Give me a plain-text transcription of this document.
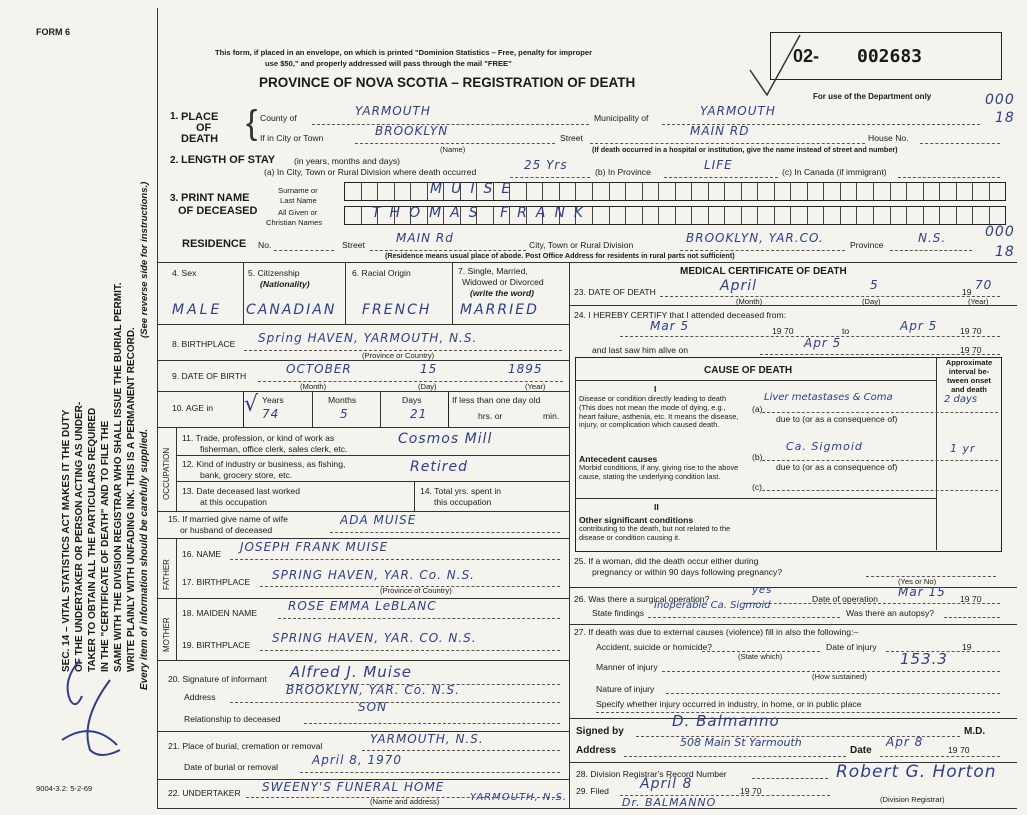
FORM 6
SEC. 14 – VITAL STATISTICS ACT MAKES IT THE DUTY OF THE UNDERTAKER OR PERSON ACTING AS UNDER- TAKER TO OBTAIN ALL THE PARTICULARS REQUIRED IN THE "CERTIFICATE OF DEATH" AND TO FILE THE SAME WITH THE DIVISION REGISTRAR WHO SHALL ISSUE THE BURIAL PERMIT. WRITE PLAINLY WITH UNFADING INK. THIS IS A PERMANENT RECORD. Every item of information should be carefully supplied.
(See reverse side for instructions.)
9004-3.2: 5-2-69
This form, if placed in an envelope, on which is printed "Dominion Statistics – Free, penalty for improper
use $50," and properly addressed will pass through the mail "FREE"
PROVINCE OF NOVA SCOTIA – REGISTRATION OF DEATH
02- 002683
For use of the Department only	000
18
1. PLACE
OF
DEATH { County of	YARMOUTH	Municipality of	YARMOUTH
If in City or Town	BROOKLYN
(Name)
Street	MAIN RD	House No.
(If death occurred in a hospital or institution, give the name instead of street and number)
2. LENGTH OF STAY (in years, months and days)
(a) In City, Town or Rural Division where death occurred	25 Yrs	(b) In Province	LIFE	(c) In Canada (if immigrant)
3. PRINT NAME
OF DECEASED
Surname or
Last Name
MUISE
All Given or
Christian Names
THOMAS FRANK
RESIDENCE No.	Street	MAIN Rd	City, Town or Rural Division	BROOKLYN, YAR.CO.	Province	N.S.	000
18
(Residence means usual place of abode. Post Office Address for residents in rural parts not sufficient)
4. Sex	5. Citizenship
(Nationality)
6. Racial Origin	7. Single, Married,
Widowed or Divorced
(write the word)
MALE CANADIAN FRENCH MARRIED
8. BIRTHPLACE Spring HAVEN, YARMOUTH, N.S.
(Province or Country)
9. DATE OF BIRTH	OCTOBER	15	1895
(Month)	(Day)	(Year)
10. AGE in √ Years
74
Months
5
Days
21
If less than one day old
hrs. or	min.
OCCUPATION
11. Trade, profession, or kind of work as
fisherman, office clerk, sales clerk, etc.
Cosmos Mill
12. Kind of industry or business, as fishing,
bank, grocery store, etc.	Retired
13. Date deceased last worked
at this occupation
14. Total yrs. spent in
this occupation
15. If married give name of wife
or husband of deceased
ADA MUISE
FATHER
16. NAME JOSEPH FRANK MUISE
17. BIRTHPLACE SPRING HAVEN, YAR. Co. N.S.
(Province of Country)
MOTHER
18. MAIDEN NAME	ROSE EMMA LeBLANC
19. BIRTHPLACE SPRING HAVEN, YAR. CO. N.S.
20. Signature of informant Alfred J. Muise
Address	BROOKLYN, YAR. Co. N.S.
SON
Relationship to deceased
21. Place of burial, cremation or removal	YARMOUTH, N.S.
Date of burial or removal	April 8, 1970
22. UNDERTAKER SWEENY'S FUNERAL HOME
YARMOUTH, N.S.
(Name and address)
MEDICAL CERTIFICATE OF DEATH
23. DATE OF DEATH	April	5	19 70
(Month)	(Day)	(Year)
24. I HEREBY CERTIFY that I attended deceased from:
Mar 5	19 70	to	Apr 5	19 70
and last saw him alive on	Apr 5	19 70
CAUSE OF DEATH
Approximate interval be- tween onset and death
I
Disease or condition directly leading to death (This does not mean the mode of dying, e.g., heart failure, asthenia, etc. It means the disease, injury, or complication which caused death.
(a)
Liver metastases & Coma	2 days
due to (or as a consequence of)
Antecedent causes
Morbid conditions, if any, giving rise to the above cause, stating the underlying condition last.
(b)
Ca. Sigmoid	1 yr
due to (or as a consequence of)
(c)
II
Other significant conditions
contributing to the death, but not related to the disease or condition causing it.
25. If a woman, did the death occur either during
pregnancy or within 90 days following pregnancy?
(Yes or No)
26. Was there a surgical operation?
yes
Date of operation Mar 15 19 70
State findings
Inoperable Ca. Sigmoid
Was there an autopsy?
27. If death was due to external causes (violence) fill in also the following:–
Accident, suicide or homicide?
(State which)
Date of injury	19
Manner of injury	153.3
(How sustained)
Nature of injury
Specify whether injury occurred in industry, in home, or in public place
Signed by
D. Balmanno
M.D.
Address
508 Main St Yarmouth
Date
Apr 8
19 70
28. Division Registrar's Record Number
29. Filed April 8	19 70
Robert G. Horton
(Division Registrar)
Dr. BALMANNO
